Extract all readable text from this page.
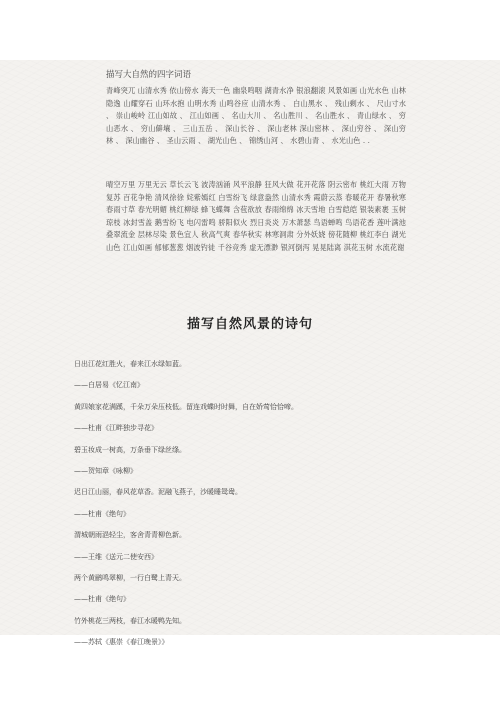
描写大自然的四字词语
青峰突兀 山清水秀 依山傍水 海天一色 幽泉鸣咽 湖青水净 银浪翻滚 风景如画 山光水色 山林隐逸 山耀穿石 山环水抱 山明水秀 山鸣谷应 山清水秀 、 白山黑水 、 残山剩水 、 尺山寸水 、 崇山峻岭 江山如故 、 江山如画 、 名山大川 、 名山胜川 、 名山胜水 、 青山绿水 、 穷山恶水 、 穷山僻壤 、 三山五岳 、 深山长谷 、 深山老林 深山密林 、 深山穷谷 、 深山穷林 、 深山幽谷 、 圣山云雨 、 湖光山色 、 锦绣山河 、 水碧山青 、 水光山色 . .
晴空万里 万里无云 草长云飞 波涛汹涌 风平浪静 狂风大做 花开花落 阴云密布 桃红大雨 万物复苏 百花争艳 清风徐徐 姹紫嫣红 白雪纷飞 绿意盎然 山清水秀 霞蔚云蒸 春暖花开 春暑秋寒 春雨寸草 春光明媚 桃红柳绿 蜂飞蝶舞 含苞欲放 春雨绵绵 冰天雪地 白雪皑皑 银装素裹 玉树琼枝 冰封雪盖 鹅雪纷飞 电闪雷鸣 骄阳似火 烈日炎炎 万木萧瑟 鸟语蝉鸣 鸟语花香 莲叶满池 叠翠流金 层林尽染 景色宜人 秋高气爽 春华秋实 林寒洞肃 分外妖娆 傍花随柳 桃红李白 湖光山色 江山如画 郁郁葱葱 烟波钓徒 千谷竞秀 虚无漂渺 银河倒泻 晃晃陆离 淇花玉树 水流花谢
描写自然风景的诗句
日出江花红胜火，春来江水绿如蓝。
——白居易《忆江南》
黄四娘家花满蹊，千朵万朵压枝低。留连戏蝶时时舞，自在娇莺恰恰啼。
——杜甫《江畔独步寻花》
碧玉妆成一树高，万条垂下绿丝绦。
——贺知章《咏柳》
迟日江山丽，春风花草香。泥融飞燕子，沙暖睡鸳鸯。
——杜甫《绝句》
渭城朝雨浥轻尘，客舍青青柳色新。
——王维《送元二使安西》
两个黄鹂鸣翠柳，一行白鹭上青天。
——杜甫《绝句》
竹外桃花三两枝，春江水暖鸭先知。
——苏轼《惠崇《春江晚景》》
